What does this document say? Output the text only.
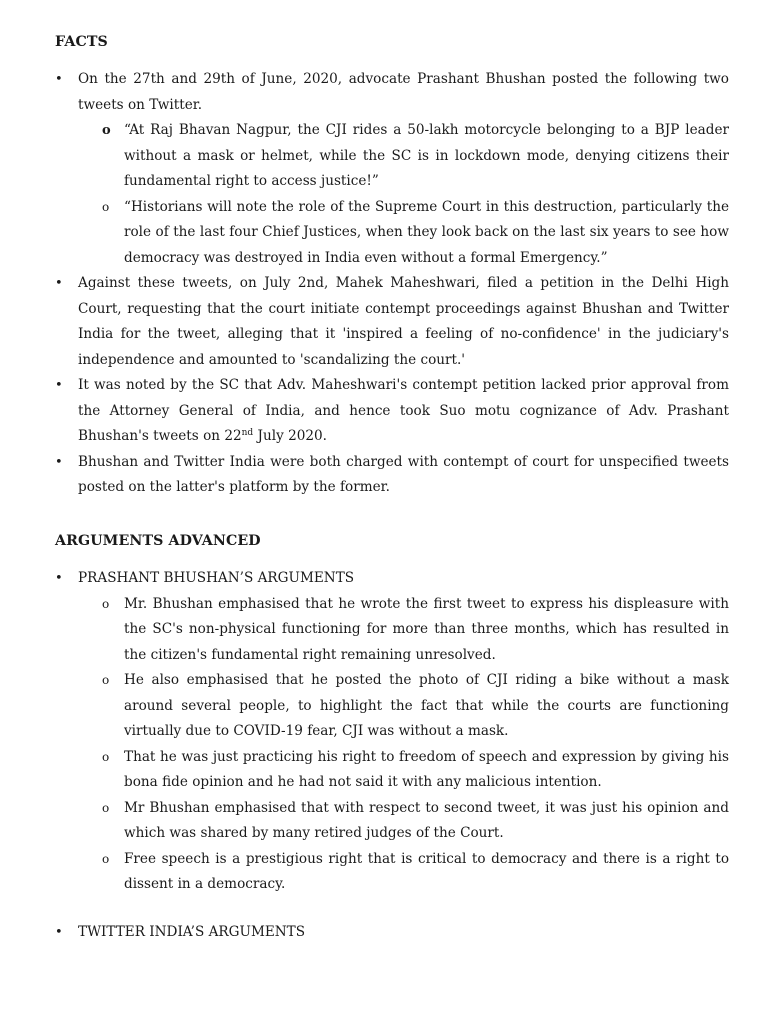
FACTS
• On the 27th and 29th of June, 2020, advocate Prashant Bhushan posted the following two tweets on Twitter.
o “At Raj Bhavan Nagpur, the CJI rides a 50-lakh motorcycle belonging to a BJP leader without a mask or helmet, while the SC is in lockdown mode, denying citizens their fundamental right to access justice!”
o “Historians will note the role of the Supreme Court in this destruction, particularly the role of the last four Chief Justices, when they look back on the last six years to see how democracy was destroyed in India even without a formal Emergency.”
• Against these tweets, on July 2nd, Mahek Maheshwari, filed a petition in the Delhi High Court, requesting that the court initiate contempt proceedings against Bhushan and Twitter India for the tweet, alleging that it 'inspired a feeling of no-confidence' in the judiciary's independence and amounted to 'scandalizing the court.'
• It was noted by the SC that Adv. Maheshwari's contempt petition lacked prior approval from the Attorney General of India, and hence took Suo motu cognizance of Adv. Prashant Bhushan's tweets on 22nd July 2020.
• Bhushan and Twitter India were both charged with contempt of court for unspecified tweets posted on the latter's platform by the former.
ARGUMENTS ADVANCED
• PRASHANT BHUSHAN’S ARGUMENTS
o Mr. Bhushan emphasised that he wrote the first tweet to express his displeasure with the SC's non-physical functioning for more than three months, which has resulted in the citizen's fundamental right remaining unresolved.
o He also emphasised that he posted the photo of CJI riding a bike without a mask around several people, to highlight the fact that while the courts are functioning virtually due to COVID-19 fear, CJI was without a mask.
o That he was just practicing his right to freedom of speech and expression by giving his bona fide opinion and he had not said it with any malicious intention.
o Mr Bhushan emphasised that with respect to second tweet, it was just his opinion and which was shared by many retired judges of the Court.
o Free speech is a prestigious right that is critical to democracy and there is a right to dissent in a democracy.
• TWITTER INDIA’S ARGUMENTS
